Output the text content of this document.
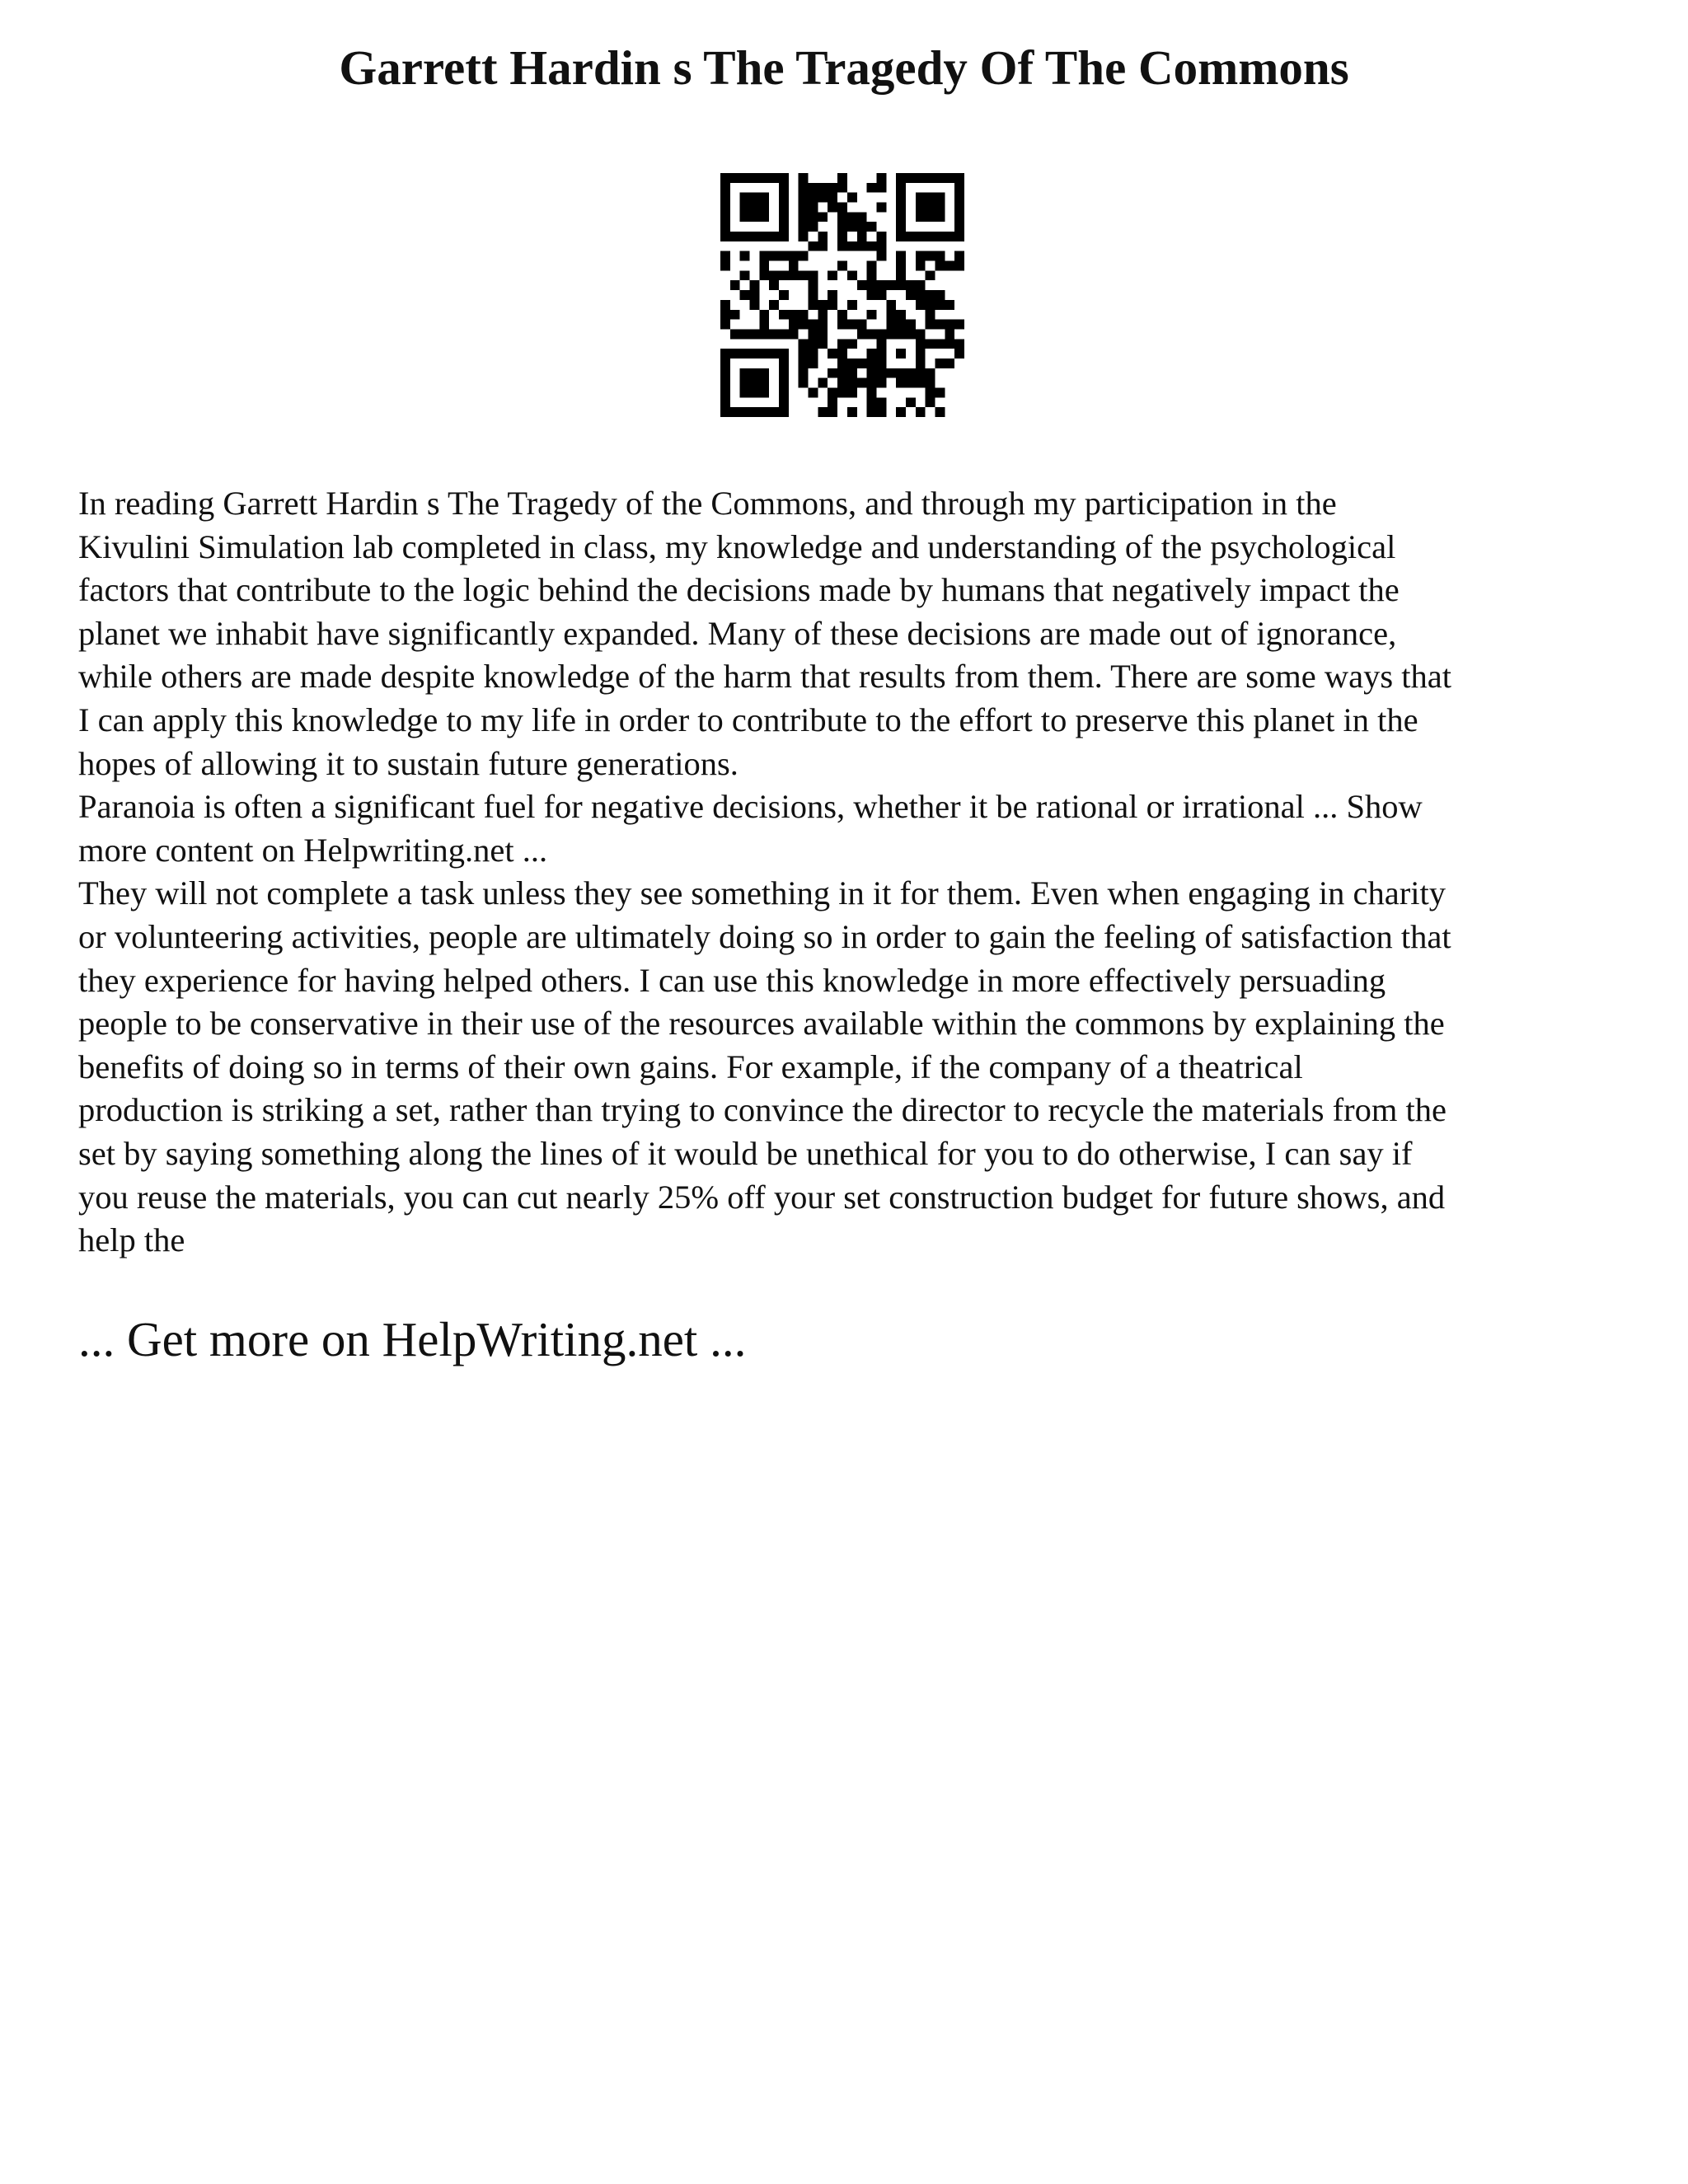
Garrett Hardin s The Tragedy Of The Commons

In reading Garrett Hardin s The Tragedy of the Commons, and through my participation in the
Kivulini Simulation lab completed in class, my knowledge and understanding of the psychological
factors that contribute to the logic behind the decisions made by humans that negatively impact the
planet we inhabit have significantly expanded. Many of these decisions are made out of ignorance,
while others are made despite knowledge of the harm that results from them. There are some ways that
I can apply this knowledge to my life in order to contribute to the effort to preserve this planet in the
hopes of allowing it to sustain future generations.

Paranoia is often a significant fuel for negative decisions, whether it be rational or irrational ... Show
more content on Helpwriting.net ...

They will not complete a task unless they see something in it for them. Even when engaging in charity
or volunteering activities, people are ultimately doing so in order to gain the feeling of satisfaction that
they experience for having helped others. I can use this knowledge in more effectively persuading
people to be conservative in their use of the resources available within the commons by explaining the
benefits of doing so in terms of their own gains. For example, if the company of a theatrical
production is striking a set, rather than trying to convince the director to recycle the materials from the
set by saying something along the lines of it would be unethical for you to do otherwise, I can say if
you reuse the materials, you can cut nearly 25% off your set construction budget for future shows, and
help the

... Get more on HelpWriting.net ...
